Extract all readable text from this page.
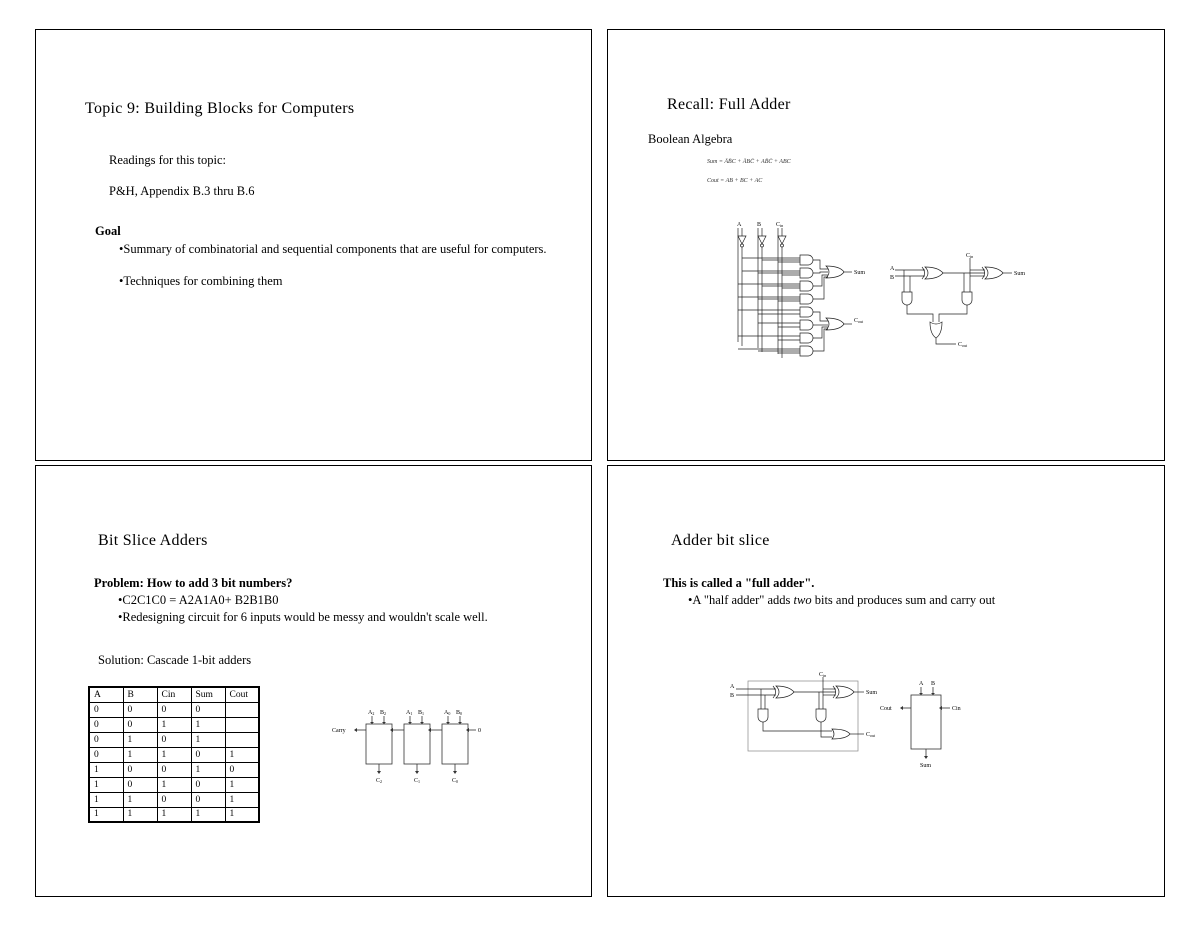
Topic 9: Building Blocks for Computers
Readings for this topic:
P&H, Appendix B.3 thru B.6
Goal
•Summary of combinatorial and sequential components that are useful for computers.
•Techniques for combining them
Recall: Full Adder
Boolean Algebra
Sum = ĀB̄C + ĀBC̄ + AB̄C̄ + ABC
Cout = AB + BC + AC
A	B Cin
Sum
Cout
A
B
Cin
Sum
Cout
Bit Slice Adders
Problem: How to add 3 bit numbers?
•C2C1C0 = A2A1A0+ B2B1B0
•Redesigning circuit for 6 inputs would be messy and wouldn't scale well.
Solution: Cascade 1-bit adders
A	B	Cin	Sum	Cout
0	0	0	0	
0	0	1	1	
0	1	0	1	
0	1	1	0	1
1	0	0	1	0
1	0	1	0	1
1	1	0	0	1
1	1	1	1	1
Carry	0
A2 B2	A1 B1	A0 B0
C2	C1	C0
Adder bit slice
This is called a "full adder".
•A "half adder" adds two bits and produces sum and carry out
A
B
Cin
Sum
Cout
A B
Cout	Cin
Sum
